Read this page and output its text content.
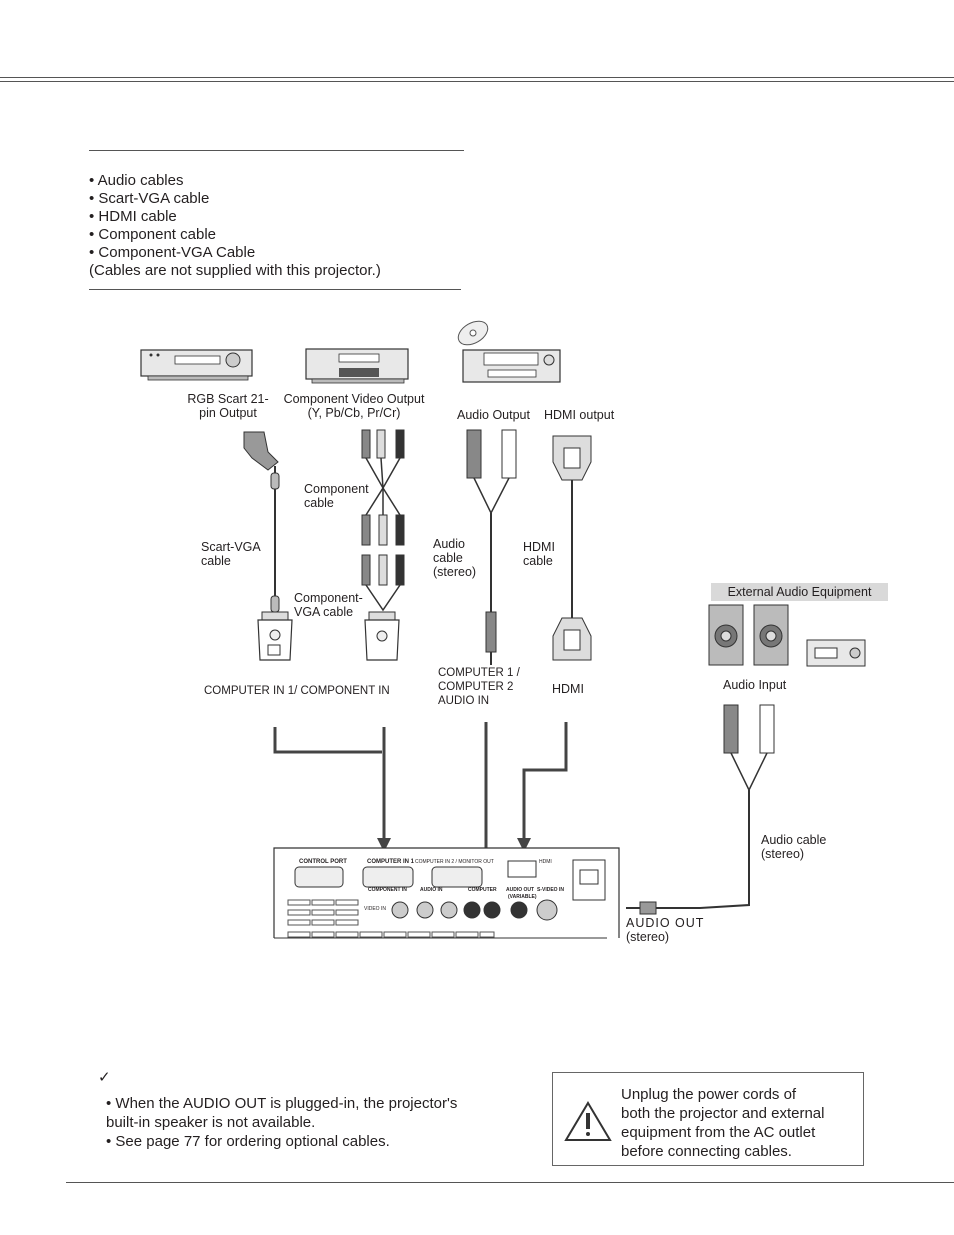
• Audio cables
• Scart-VGA cable
• HDMI cable
• Component cable
• Component-VGA Cable
(Cables are not supplied with this projector.)
CONTROL PORT	COMPUTER IN 1 COMPUTER IN 2 / MONITOR OUT	HDMI
COMPONENT IN	AUDIO IN	COMPUTER AUDIO OUT
(VARIABLE)
S-VIDEO IN
VIDEO IN
RGB Scart 21-
pin Output
Component Video Output
(Y, Pb/Cb, Pr/Cr)	Audio Output HDMI output
Component
cable
Scart-VGA
cable
Audio
cable
(stereo)
HDMI
cable
Component-
VGA cable
External Audio Equipment
Audio Input
COMPUTER IN 1/ COMPONENT IN
COMPUTER 1 /
COMPUTER 2
AUDIO IN
HDMI
Audio cable
(stereo)
AUDIO OUT
(stereo)
✓
• When the AUDIO OUT is plugged-in, the projector's
built-in speaker is not available.
• See page 77 for ordering optional cables.
Unplug the power cords of
both the projector and external
equipment from the AC outlet
before connecting cables.
